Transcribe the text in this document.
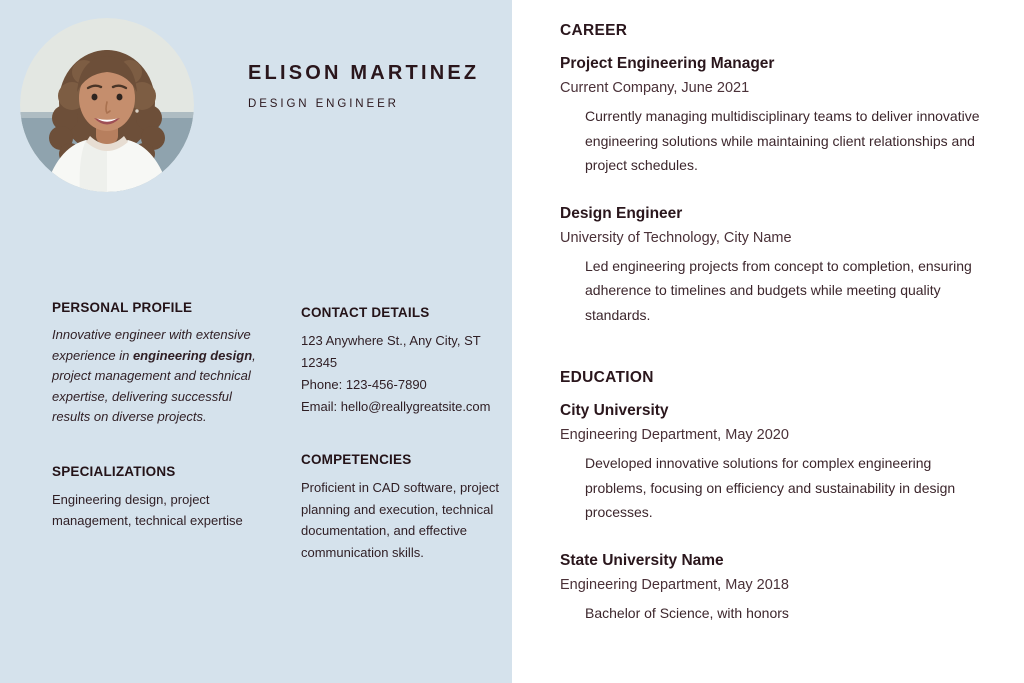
ELISON MARTINEZ
DESIGN ENGINEER
PERSONAL PROFILE
Innovative engineer with extensive experience in engineering design, project management and technical expertise, delivering successful results on diverse projects.
SPECIALIZATIONS
Engineering design, project management, technical expertise
CONTACT DETAILS
123 Anywhere St., Any City, ST 12345
Phone: 123-456-7890
Email: hello@reallygreatsite.com
COMPETENCIES
Proficient in CAD software, project planning and execution, technical documentation, and effective communication skills.
CAREER
Project Engineering Manager
Current Company, June 2021
Currently managing multidisciplinary teams to deliver innovative engineering solutions while maintaining client relationships and project schedules.
Design Engineer
University of Technology, City Name
Led engineering projects from concept to completion, ensuring adherence to timelines and budgets while meeting quality standards.
EDUCATION
City University
Engineering Department, May 2020
Developed innovative solutions for complex engineering problems, focusing on efficiency and sustainability in design processes.
State University Name
Engineering Department, May 2018
Bachelor of Science, with honors
